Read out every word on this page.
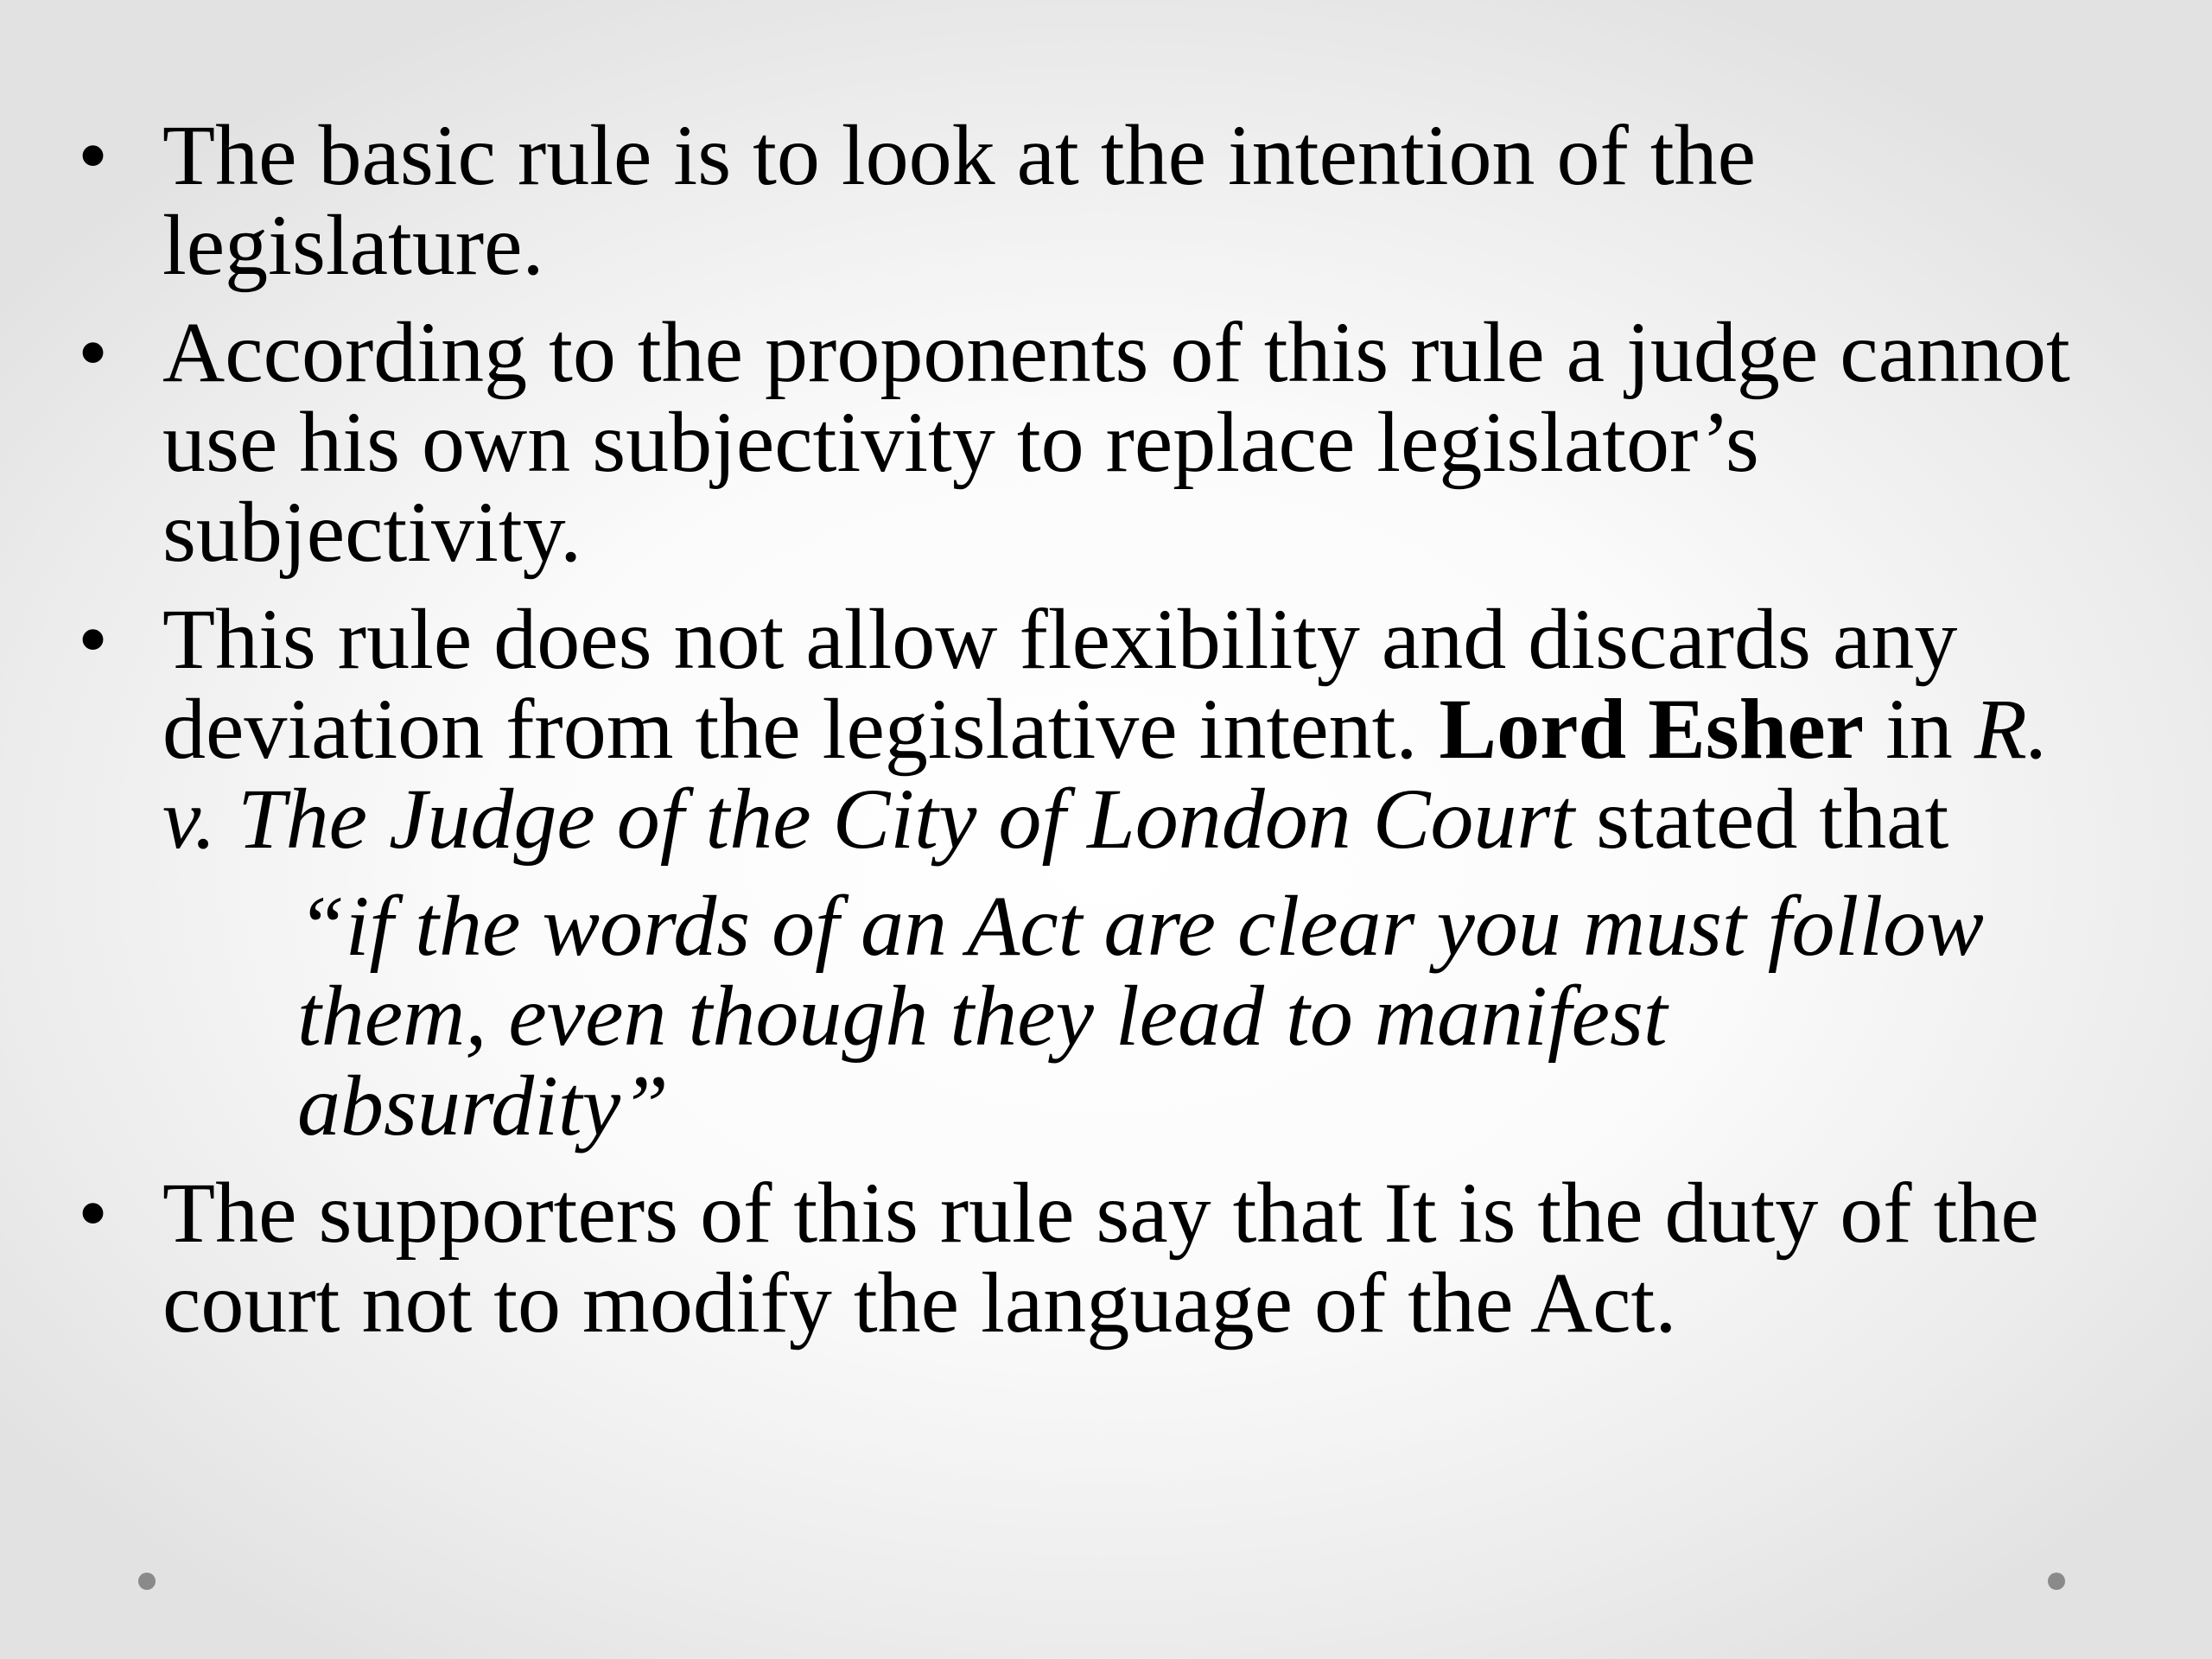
• The basic rule is to look at the intention of the legislature.
• According to the proponents of this rule a judge cannot use his own subjectivity to replace legislator’s subjectivity.
• This rule does not allow flexibility and discards any deviation from the legislative intent. Lord Esher in R. v. The Judge of the City of London Court stated that
“if the words of an Act are clear you must follow them, even though they lead to manifest absurdity”
• The supporters of this rule say that It is the duty of the court not to modify the language of the Act.
